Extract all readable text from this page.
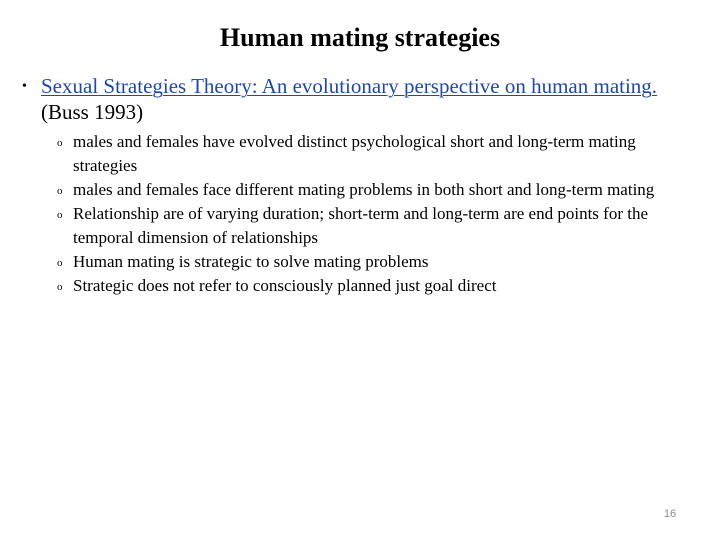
Human mating strategies
• Sexual Strategies Theory: An evolutionary perspective on human mating. (Buss 1993)
o males and females have evolved distinct psychological short and long-term mating strategies
o males and females face different mating problems in both short and long-term mating
o Relationship are of varying duration; short-term and long-term are end points for the temporal dimension of relationships
o Human mating is strategic to solve mating problems
o Strategic does not refer to consciously planned just goal direct
16
